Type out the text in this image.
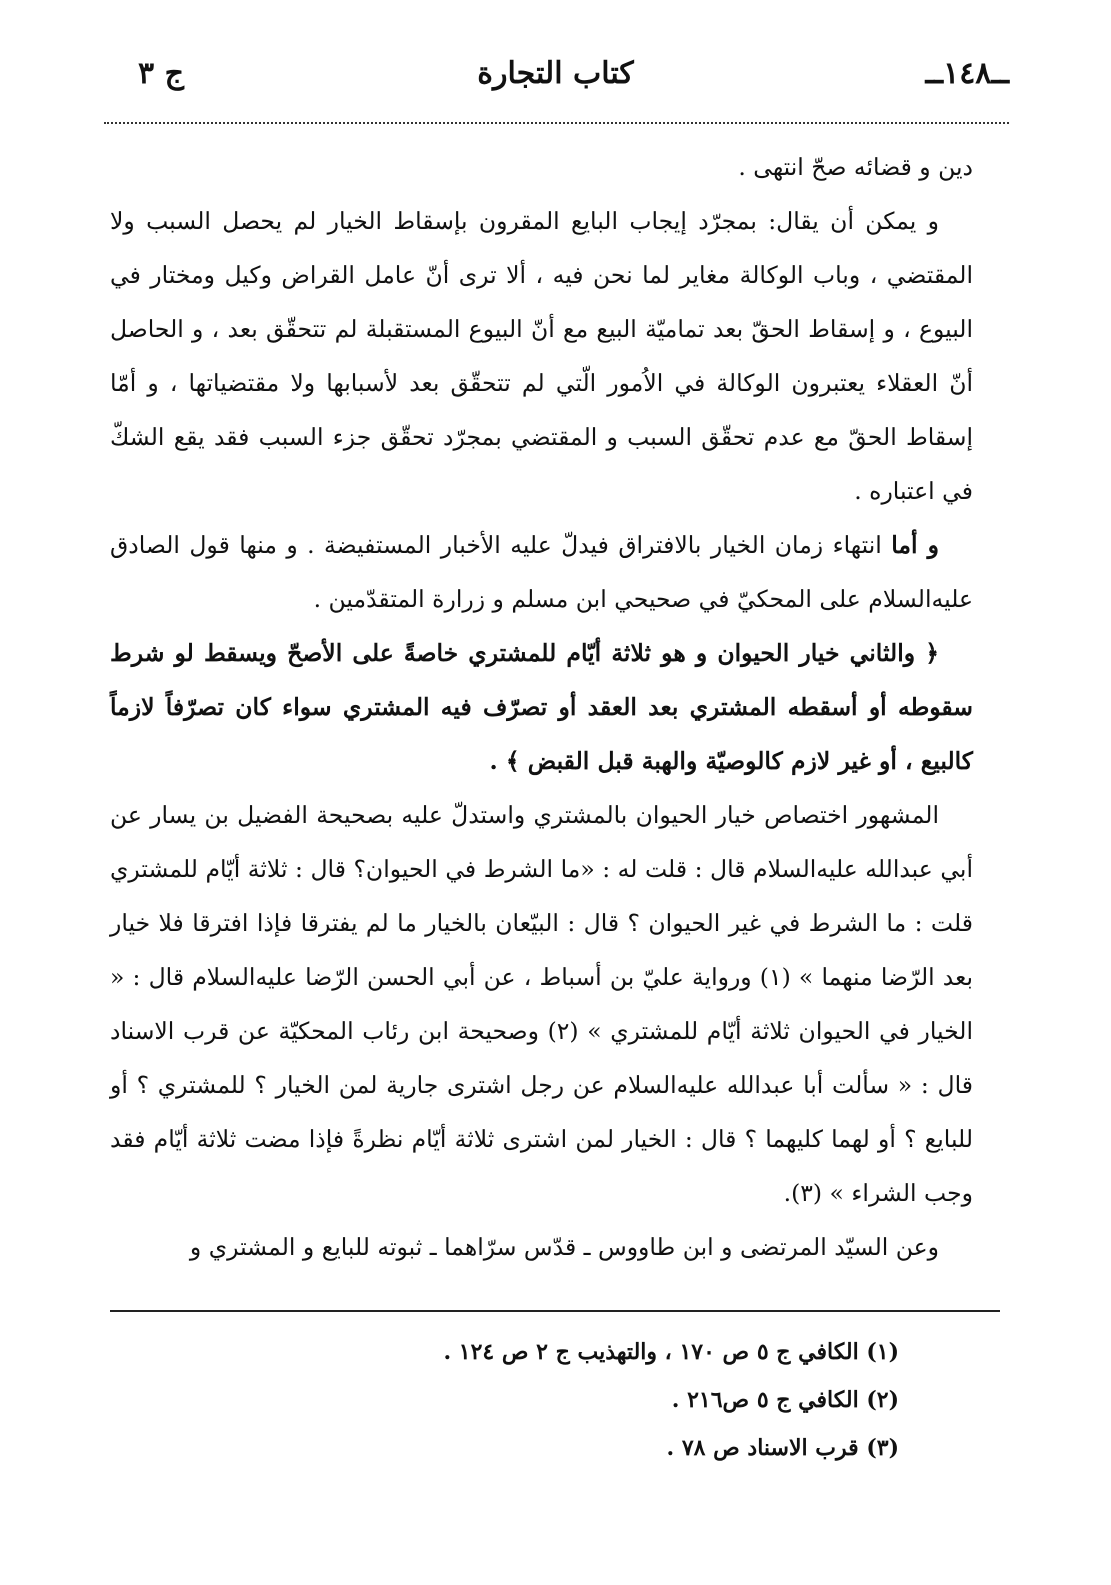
ــ١٤٨ــ
كتاب التجارة
ج ٣

دين و قضائه صحّ انتهى .

و يمكن أن يقال: بمجرّد إيجاب البايع المقرون بإسقاط الخيار لم يحصل السبب ولا المقتضي ، وباب الوكالة مغاير لما نحن فيه ، ألا ترى أنّ عامل القراض وكيل ومختار في البيوع ، و إسقاط الحقّ بعد تماميّة البيع مع أنّ البيوع المستقبلة لم تتحقّق بعد ، و الحاصل أنّ العقلاء يعتبرون الوكالة في الاُمور الّتي لم تتحقّق بعد لأسبابها ولا مقتضياتها ، و أمّا إسقاط الحقّ مع عدم تحقّق السبب و المقتضي بمجرّد تحقّق جزء السبب فقد يقع الشكّ في اعتباره .

و أما انتهاء زمان الخيار بالافتراق فيدلّ عليه الأخبار المستفيضة . و منها قول الصادق عليه‌السلام على المحكيّ في صحيحي ابن مسلم و زرارة المتقدّمين .

﴿ والثاني خيار الحيوان و هو ثلاثة أيّام للمشتري خاصةً على الأصحّ ويسقط لو شرط سقوطه أو أسقطه المشتري بعد العقد أو تصرّف فيه المشتري سواء كان تصرّفاً لازماً كالبيع ، أو غير لازم كالوصيّة والهبة قبل القبض ﴾ .

المشهور اختصاص خيار الحيوان بالمشتري واستدلّ عليه بصحيحة الفضيل بن يسار عن أبي عبدالله عليه‌السلام قال : قلت له : «ما الشرط في الحيوان؟ قال : ثلاثة أيّام للمشتري قلت : ما الشرط في غير الحيوان ؟ قال : البيّعان بالخيار ما لم يفترقا فإذا افترقا فلا خيار بعد الرّضا منهما » (١) ورواية عليّ بن أسباط ، عن أبي الحسن الرّضا عليه‌السلام قال : « الخيار في الحيوان ثلاثة أيّام للمشتري » (٢) وصحيحة ابن رئاب المحكيّة عن قرب الاسناد قال : « سألت أبا عبدالله عليه‌السلام عن رجل اشترى جارية لمن الخيار ؟ للمشتري ؟ أو للبايع ؟ أو لهما كليهما ؟ قال : الخيار لمن اشترى ثلاثة أيّام نظرةً فإذا مضت ثلاثة أيّام فقد وجب الشراء » (٣).

وعن السيّد المرتضى و ابن طاووس ـ قدّس سرّاهما ـ ثبوته للبايع و المشتري و

(١) الكافي ج ٥ ص ١٧٠ ، والتهذيب ج ٢ ص ١٢٤ .
(٢) الكافي ج ٥ ص٢١٦ .
(٣) قرب الاسناد ص ٧٨ .
